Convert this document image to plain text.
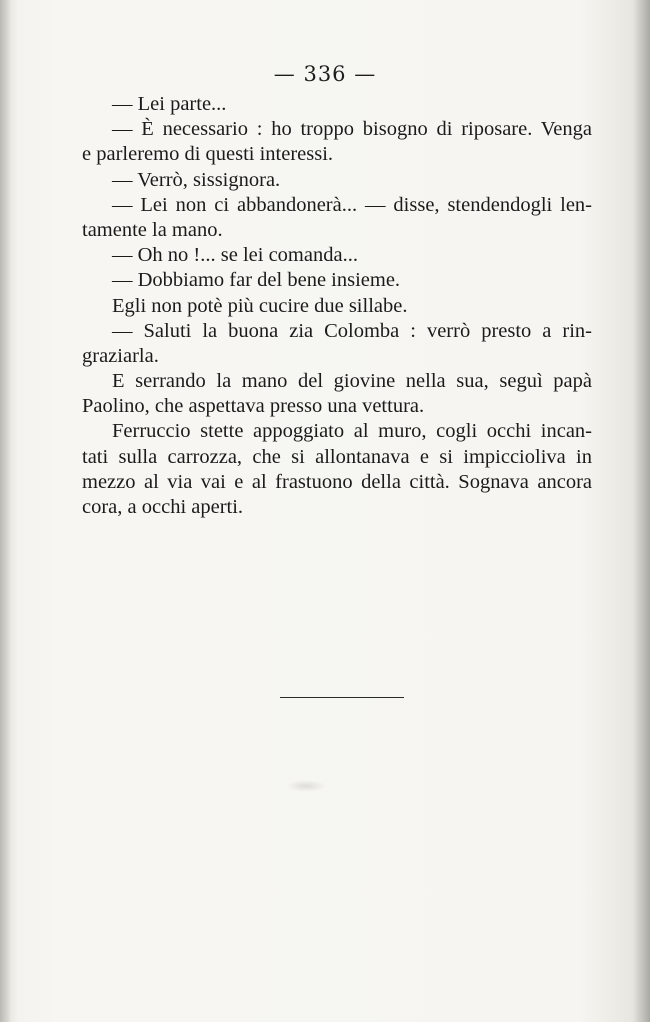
— 336 —
— Lei parte...
— È necessario : ho troppo bisogno di riposare. Venga
e parleremo di questi interessi.
— Verrò, sissignora.
— Lei non ci abbandonerà... — disse, stendendogli len-
tamente la mano.
— Oh no !... se lei comanda...
— Dobbiamo far del bene insieme.
Egli non potè più cucire due sillabe.
— Saluti la buona zia Colomba : verrò presto a rin-
graziarla.
E serrando la mano del giovine nella sua, seguì papà
Paolino, che aspettava presso una vettura.
Ferruccio stette appoggiato al muro, cogli occhi incan-
tati sulla carrozza, che si allontanava e si impiccioliva in
mezzo al via vai e al frastuono della città. Sognava ancora
cora, a occhi aperti.
